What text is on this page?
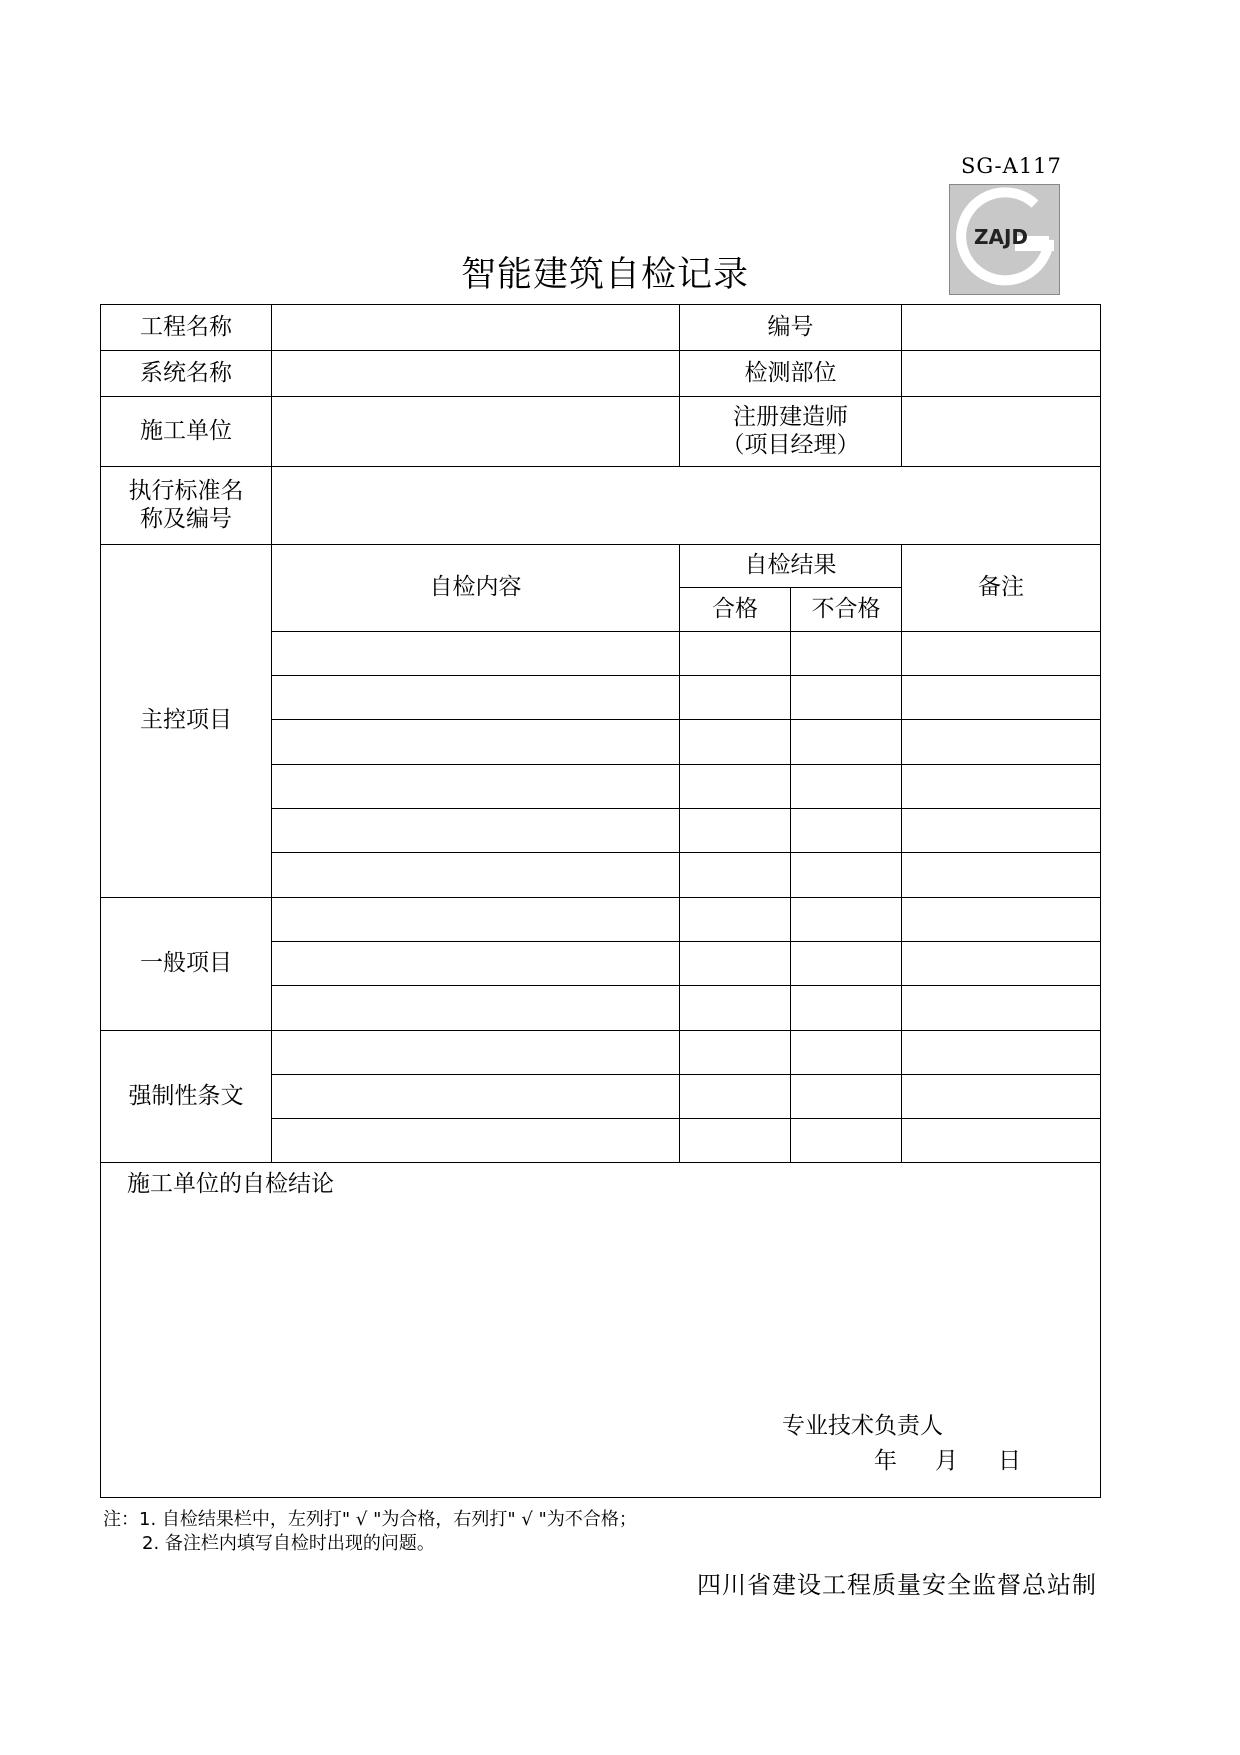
SG-A117
ZAJD
智能建筑自检记录
工程名称		编号		
系统名称		检测部位		
施工单位		注册建造师
（项目经理）		

执行标准名
称及编号				

主控项目	自检内容	自检结果		备注
		合格	不合格	

一般项目				

强制性条文				

施工单位的自检结论
专业技术负责人
年 月 日				
注：1. 自检结果栏中，左列打" √ "为合格，右列打" √ "为不合格；
2. 备注栏内填写自检时出现的问题。
四川省建设工程质量安全监督总站制
